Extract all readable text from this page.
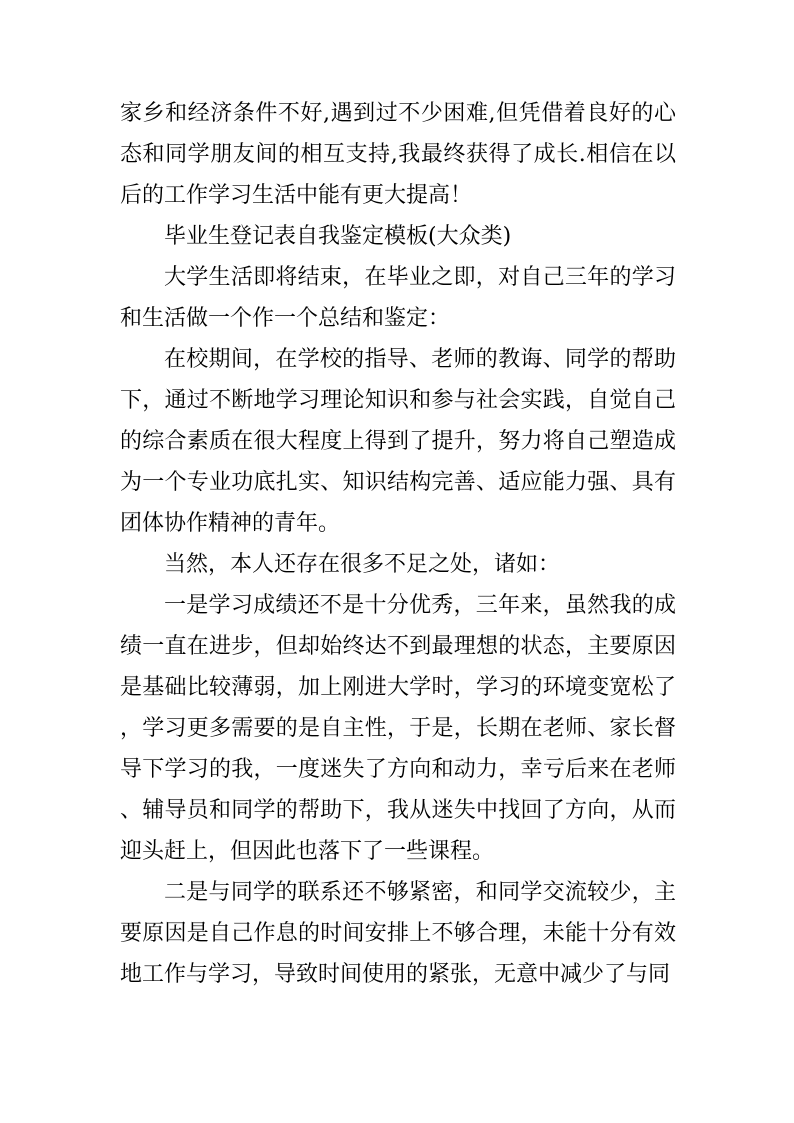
家乡和经济条件不好,遇到过不少困难,但凭借着良好的心态和同学朋友间的相互支持,我最终获得了成长.相信在以后的工作学习生活中能有更大提高！

毕业生登记表自我鉴定模板(大众类)

大学生活即将结束，在毕业之即，对自己三年的学习和生活做一个作一个总结和鉴定：

在校期间，在学校的指导、老师的教诲、同学的帮助下，通过不断地学习理论知识和参与社会实践，自觉自己的综合素质在很大程度上得到了提升，努力将自己塑造成为一个专业功底扎实、知识结构完善、适应能力强、具有团体协作精神的青年。

当然，本人还存在很多不足之处，诸如：

一是学习成绩还不是十分优秀，三年来，虽然我的成绩一直在进步，但却始终达不到最理想的状态，主要原因是基础比较薄弱，加上刚进大学时，学习的环境变宽松了，学习更多需要的是自主性，于是，长期在老师、家长督导下学习的我，一度迷失了方向和动力，幸亏后来在老师、辅导员和同学的帮助下，我从迷失中找回了方向，从而迎头赶上，但因此也落下了一些课程。

二是与同学的联系还不够紧密，和同学交流较少，主要原因是自己作息的时间安排上不够合理，未能十分有效地工作与学习，导致时间使用的紧张，无意中减少了与同
